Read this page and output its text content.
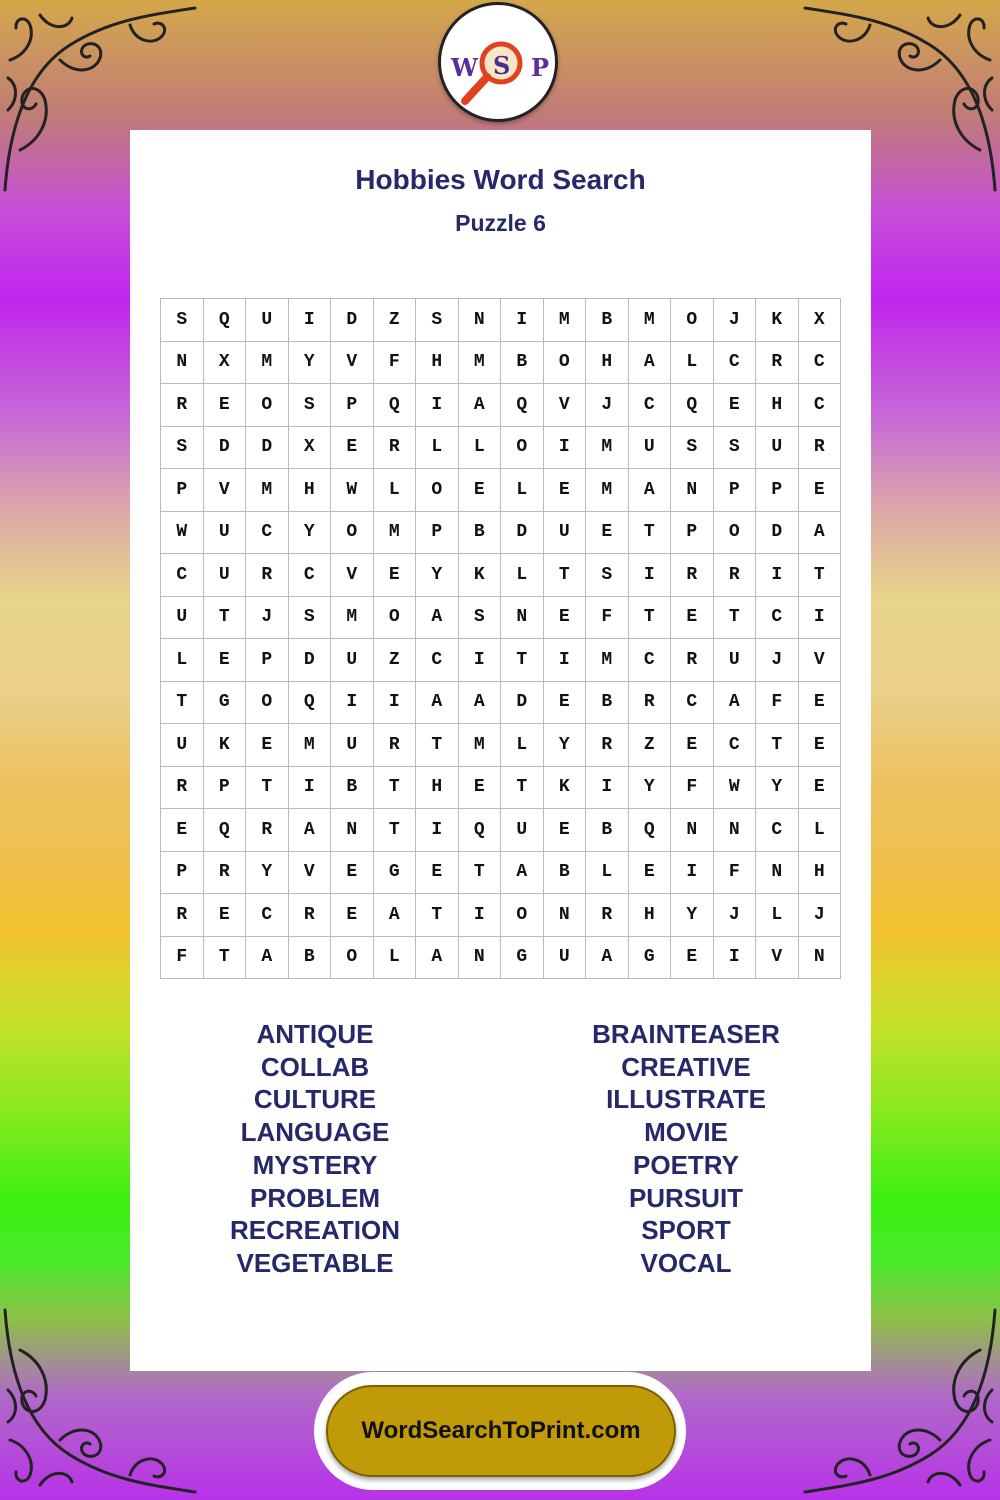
Hobbies Word Search
Puzzle 6
S	Q	U	I	D	Z	S	N	I	M	B	M	O	J	K	X
N	X	M	Y	V	F	H	M	B	O	H	A	L	C	R	C
R	E	O	S	P	Q	I	A	Q	V	J	C	Q	E	H	C
S	D	D	X	E	R	L	L	O	I	M	U	S	S	U	R
P	V	M	H	W	L	O	E	L	E	M	A	N	P	P	E
W	U	C	Y	O	M	P	B	D	U	E	T	P	O	D	A
C	U	R	C	V	E	Y	K	L	T	S	I	R	R	I	T
U	T	J	S	M	O	A	S	N	E	F	T	E	T	C	I
L	E	P	D	U	Z	C	I	T	I	M	C	R	U	J	V
T	G	O	Q	I	I	A	A	D	E	B	R	C	A	F	E
U	K	E	M	U	R	T	M	L	Y	R	Z	E	C	T	E
R	P	T	I	B	T	H	E	T	K	I	Y	F	W	Y	E
E	Q	R	A	N	T	I	Q	U	E	B	Q	N	N	C	L
P	R	Y	V	E	G	E	T	A	B	L	E	I	F	N	H
R	E	C	R	E	A	T	I	O	N	R	H	Y	J	L	J
F	T	A	B	O	L	A	N	G	U	A	G	E	I	V	N
ANTIQUE
COLLAB
CULTURE
LANGUAGE
MYSTERY
PROBLEM
RECREATION
VEGETABLE
BRAINTEASER
CREATIVE
ILLUSTRATE
MOVIE
POETRY
PURSUIT
SPORT
VOCAL
W S P
WordSearchToPrint.com
